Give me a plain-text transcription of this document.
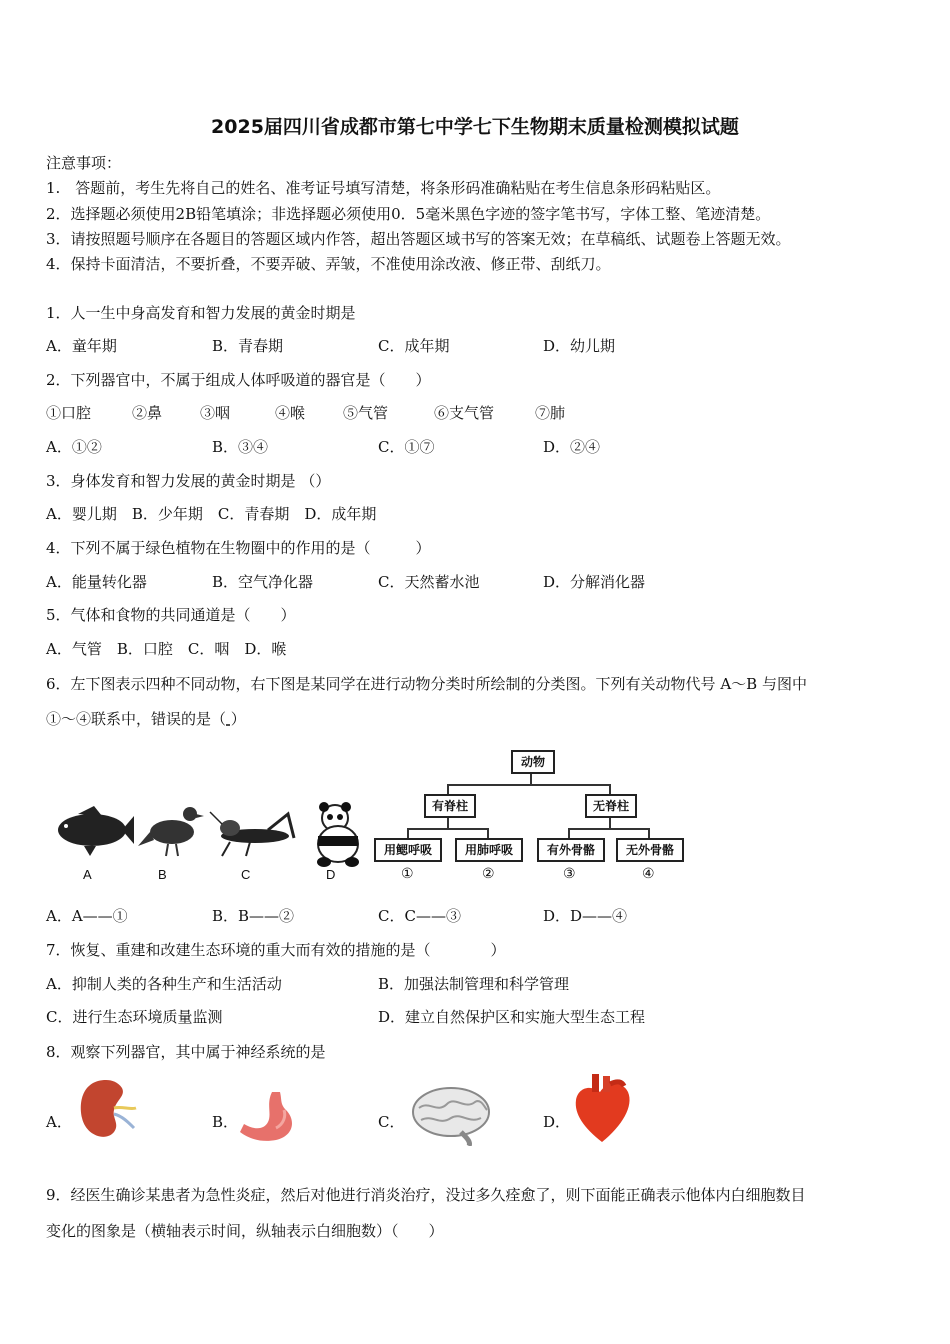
2025届四川省成都市第七中学七下生物期末质量检测模拟试题
注意事项：
1.　答题前，考生先将自己的姓名、准考证号填写清楚，将条形码准确粘贴在考生信息条形码粘贴区。
2．选择题必须使用2B铅笔填涂；非选择题必须使用0．5毫米黑色字迹的签字笔书写，字体工整、笔迹清楚。
3．请按照题号顺序在各题目的答题区域内作答，超出答题区域书写的答案无效；在草稿纸、试题卷上答题无效。
4．保持卡面清洁，不要折叠，不要弄破、弄皱，不准使用涂改液、修正带、刮纸刀。
1．人一生中身高发育和智力发展的黄金时期是
A．童年期	B．青春期	C．成年期	D．幼儿期
2．下列器官中，不属于组成人体呼吸道的器官是（　　）
①口腔	②鼻	③咽	④喉	⑤气管	⑥支气管	⑦肺
A．①②	B．③④	C．①⑦	D．②④
3．身体发育和智力发展的黄金时期是 （）
A．婴儿期　B．少年期　C．青春期　D．成年期
4．下列不属于绿色植物在生物圈中的作用的是（　　　）
A．能量转化器	B．空气净化器	C．天然蓄水池	D．分解消化器
5．气体和食物的共同通道是（　　）
A．气管　B．口腔　C．咽　D．喉
6．左下图表示四种不同动物，右下图是某同学在进行动物分类时所绘制的分类图。下列有关动物代号 A～B 与图中
①～④联系中，错误的是（ ）
A	B	C	D
动物
有脊柱	无脊柱
用鳃呼吸	用肺呼吸	有外骨骼	无外骨骼
①	②	③	④
A．A——①	B．B——②	C．C——③	D．D——④
7．恢复、重建和改建生态环境的重大而有效的措施的是（　　　　）
A．抑制人类的各种生产和生活活动	B．加强法制管理和科学管理
C．进行生态环境质量监测	D．建立自然保护区和实施大型生态工程
8．观察下列器官，其中属于神经系统的是
A．	B．	C．	D．
9．经医生确诊某患者为急性炎症，然后对他进行消炎治疗，没过多久痊愈了，则下面能正确表示他体内白细胞数目
变化的图象是（横轴表示时间，纵轴表示白细胞数）（　　）
